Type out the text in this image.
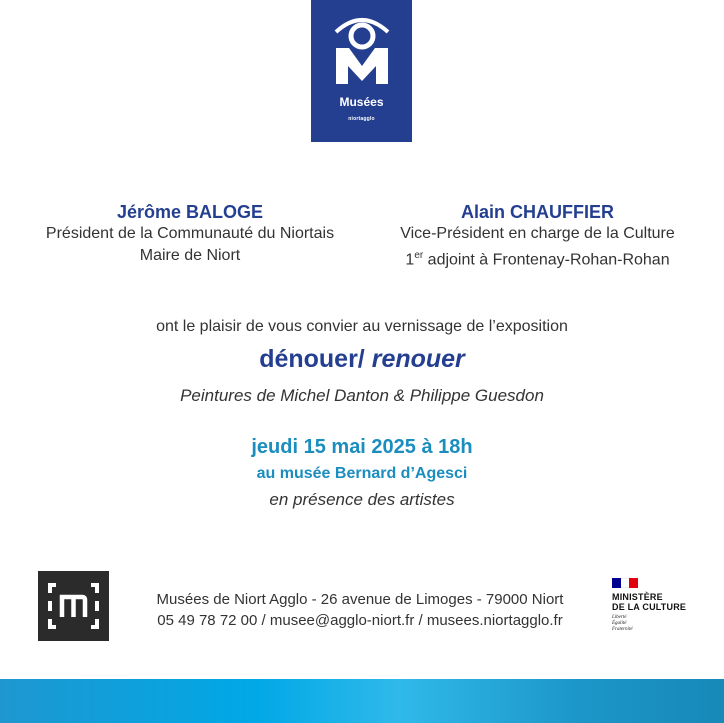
Musées
niortagglo
Jérôme BALOGE
Président de la Communauté du Niortais
Maire de Niort
Alain CHAUFFIER
Vice-Président en charge de la Culture
1er adjoint à Frontenay-Rohan-Rohan
ont le plaisir de vous convier au vernissage de l’exposition
dénouer/ renouer
Peintures de Michel Danton & Philippe Guesdon
jeudi 15 mai 2025 à 18h
au musée Bernard d’Agesci
en présence des artistes
Musées de Niort Agglo - 26 avenue de Limoges - 79000 Niort
05 49 78 72 00 / musee@agglo-niort.fr / musees.niortagglo.fr
MINISTÈRE
DE LA CULTURE
Liberté
Égalité
Fraternité
